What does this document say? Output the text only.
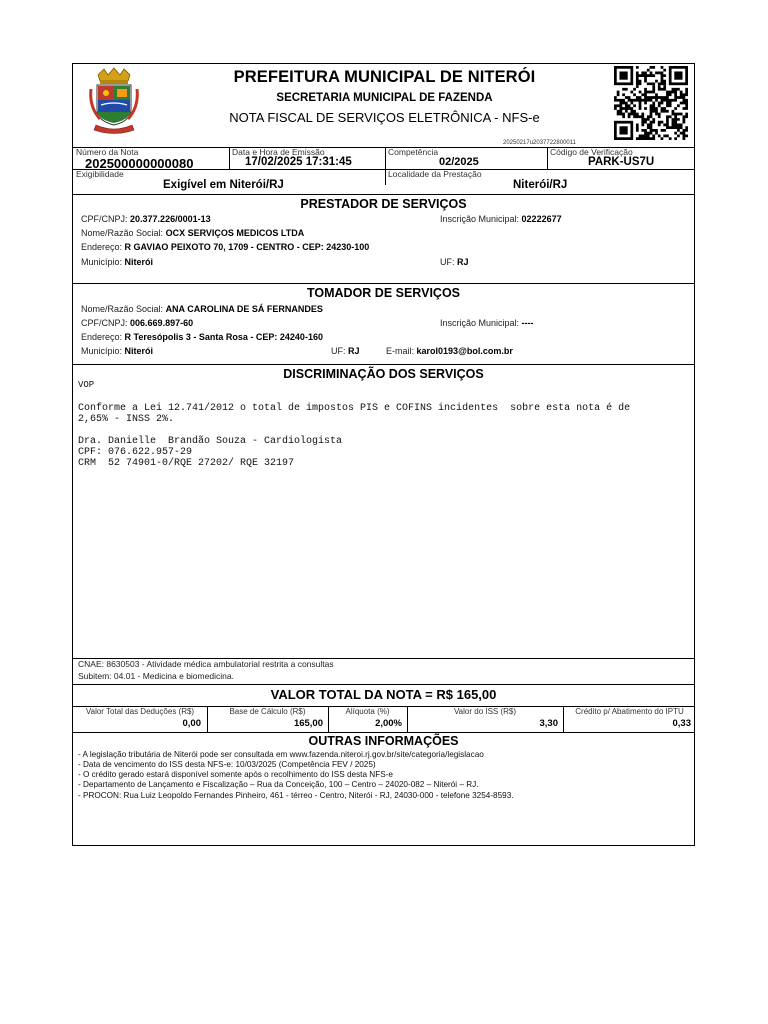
PREFEITURA MUNICIPAL DE NITERÓI
SECRETARIA MUNICIPAL DE FAZENDA
NOTA FISCAL DE SERVIÇOS ELETRÔNICA - NFS-e
20250217u2037722800011
Número da Nota
202500000000080
Data e Hora de Emissão
17/02/2025 17:31:45
Competência
02/2025
Código de Verificação
PARK-US7U
Exigibilidade
Exigível em Niterói/RJ
Localidade da Prestação
Niterói/RJ
PRESTADOR DE SERVIÇOS
CPF/CNPJ: 20.377.226/0001-13	Inscrição Municipal: 02222677
Nome/Razão Social: OCX SERVIÇOS MEDICOS LTDA
Endereço: R GAVIAO PEIXOTO 70, 1709 - CENTRO - CEP: 24230-100
Município: Niterói	UF: RJ
TOMADOR DE SERVIÇOS
Nome/Razão Social: ANA CAROLINA DE SÁ FERNANDES
CPF/CNPJ: 006.669.897-60	Inscrição Municipal: ----
Endereço: R Teresópolis 3 - Santa Rosa - CEP: 24240-160
Município: Niterói	UF: RJ	E-mail: karol0193@bol.com.br
DISCRIMINAÇÃO DOS SERVIÇOS
VOP
Conforme a Lei 12.741/2012 o total de impostos PIS e COFINS incidentes  sobre esta nota é de
2,65% - INSS 2%.
Dra. Danielle  Brandão Souza - Cardiologista
CPF: 076.622.957-29
CRM  52 74901-0/RQE 27202/ RQE 32197
CNAE: 8630503 - Atividade médica ambulatorial restrita a consultas
Subitem: 04.01 - Medicina e biomedicina.
VALOR TOTAL DA NOTA = R$ 165,00
Valor Total das Deduções (R$)
0,00
Base de Cálculo (R$)
165,00
Alíquota (%)
2,00%
Valor do ISS (R$)
3,30
Crédito p/ Abatimento do IPTU
0,33
OUTRAS INFORMAÇÕES
- A legislação tributária de Niterói pode ser consultada em www.fazenda.niteroi.rj.gov.br/site/categoria/legislacao
- Data de vencimento do ISS desta NFS-e: 10/03/2025 (Competência FEV / 2025)
- O crédito gerado estará disponível somente após o recolhimento do ISS desta NFS-e
- Departamento de Lançamento e Fiscalização – Rua da Conceição, 100 – Centro – 24020-082 – Niterói – RJ.
- PROCON: Rua Luiz Leopoldo Fernandes Pinheiro, 461 - térreo - Centro, Niterói - RJ, 24030-000 - telefone 3254-8593.
